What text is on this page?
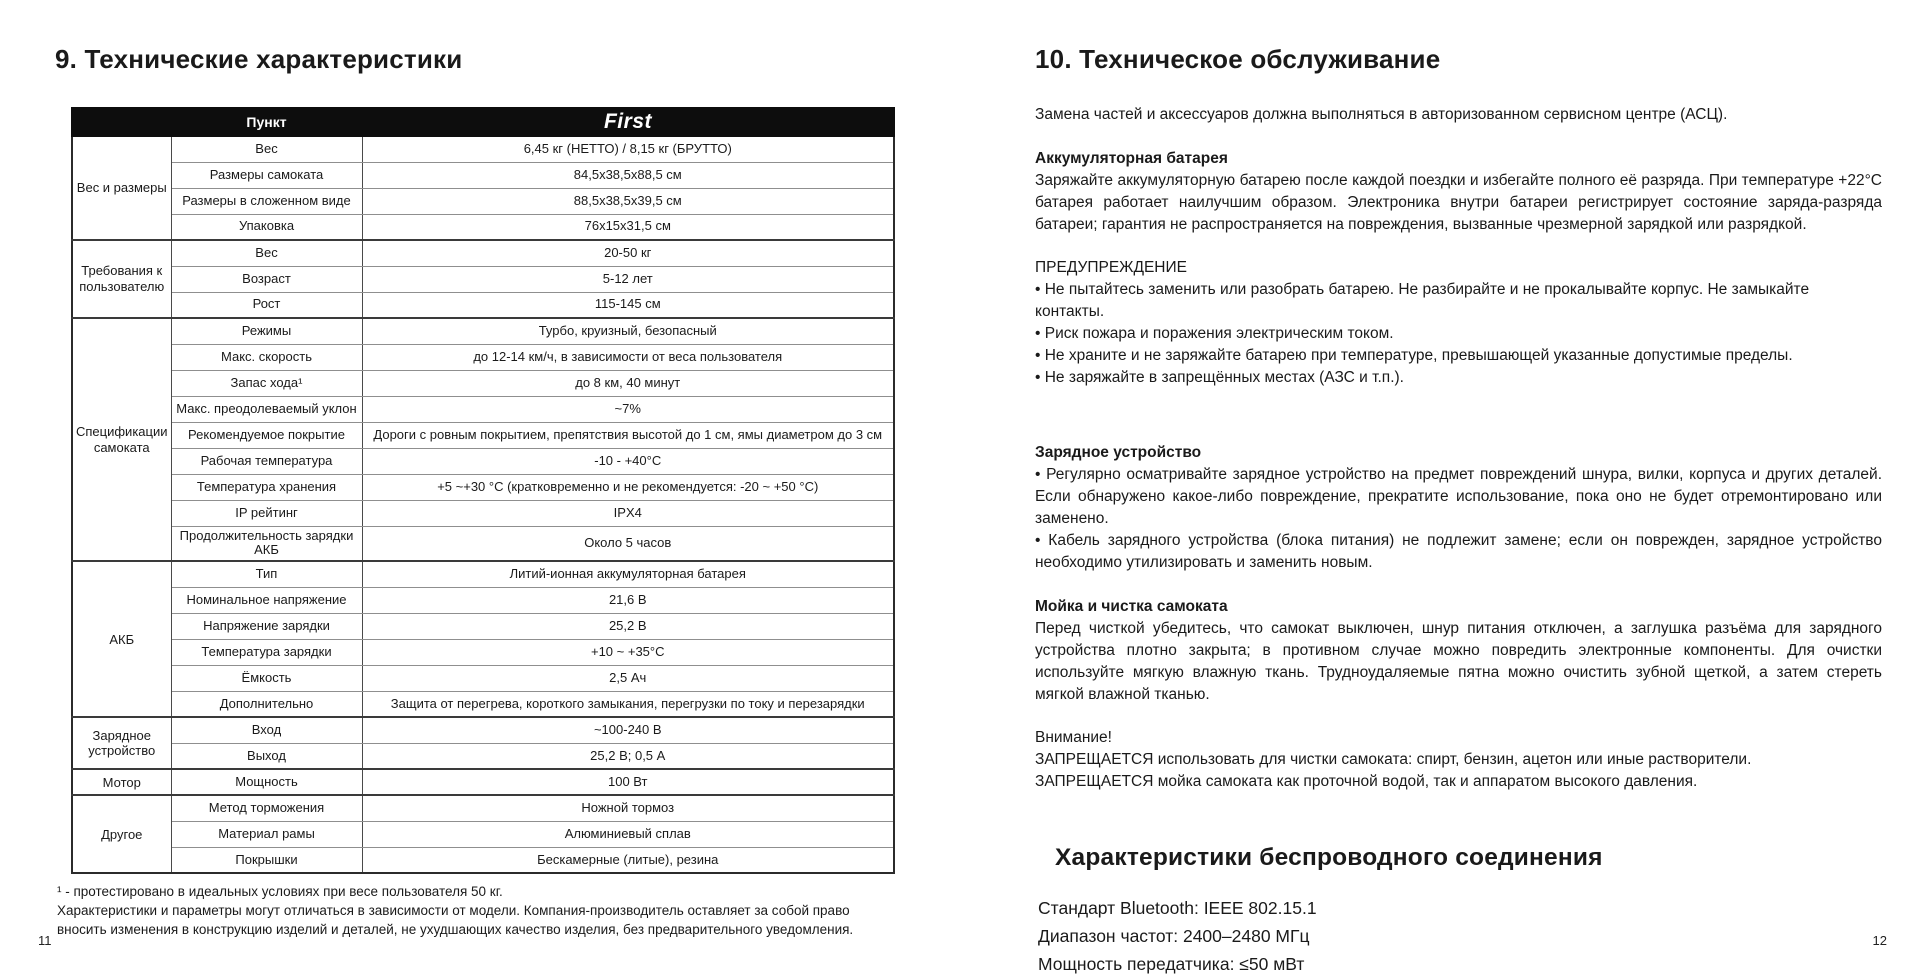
9. Технические характеристики
	Пункт	First
Вес и размеры	Вес	6,45 кг (НЕТТО) / 8,15 кг (БРУТТО)
	Размеры самоката	84,5x38,5x88,5 см
	Размеры в сложенном виде	88,5x38,5x39,5 см
	Упаковка	76x15x31,5 см
Требования к пользователю	Вес	20-50 кг
	Возраст	5-12 лет
	Рост	115-145 см
Спецификации самоката	Режимы	Турбо, круизный, безопасный
	Макс. скорость	до 12-14 км/ч, в зависимости от веса пользователя
	Запас хода¹	до 8 км, 40 минут
	Макс. преодолеваемый уклон	~7%
	Рекомендуемое покрытие	Дороги с ровным покрытием, препятствия высотой до 1 см, ямы диаметром до 3 см
	Рабочая температура	-10 - +40°C
	Температура хранения	+5 ~+30 °C (кратковременно и не рекомендуется: -20 ~ +50 °C)
	IP рейтинг	IPX4
	Продолжительность зарядки АКБ	Около 5 часов
АКБ	Тип	Литий-ионная аккумуляторная батарея
	Номинальное напряжение	21,6 В
	Напряжение зарядки	25,2 В
	Температура зарядки	+10 ~ +35°C
	Ёмкость	2,5 Ач
	Дополнительно	Защита от перегрева, короткого замыкания, перегрузки по току и перезарядки
Зарядное устройство	Вход	~100-240 В
	Выход	25,2 В; 0,5 А
Мотор	Мощность	100 Вт
Другое	Метод торможения	Ножной тормоз
	Материал рамы	Алюминиевый сплав
	Покрышки	Бескамерные (литые), резина
¹ - протестировано в идеальных условиях при весе пользователя 50 кг.
Характеристики и параметры могут отличаться в зависимости от модели. Компания-производитель оставляет за собой право вносить изменения в конструкцию изделий и деталей, не ухудшающих качество изделия, без предварительного уведомления.
11
10. Техническое обслуживание

Замена частей и аксессуаров должна выполняться в авторизованном сервисном центре (АСЦ).

Аккумуляторная батарея

Заряжайте аккумуляторную батарею после каждой поездки и избегайте полного её разряда. При температуре +22°C батарея работает наилучшим образом. Электроника внутри батареи регистрирует состояние заряда-разряда батареи; гарантия не распространяется на повреждения, вызванные чрезмерной зарядкой или разрядкой.

ПРЕДУПРЕЖДЕНИЕ

• Не пытайтесь заменить или разобрать батарею. Не разбирайте и не прокалывайте корпус. Не замыкайте контакты.

• Риск пожара и поражения электрическим током.

• Не храните и не заряжайте батарею при температуре, превышающей указанные допустимые пределы.

• Не заряжайте в запрещённых местах (АЗС и т.п.).

Зарядное устройство

• Регулярно осматривайте зарядное устройство на предмет повреждений шнура, вилки, корпуса и других деталей. Если обнаружено какое-либо повреждение, прекратите использование, пока оно не будет отремонтировано или заменено.

• Кабель зарядного устройства (блока питания) не подлежит замене; если он поврежден, зарядное устройство необходимо утилизировать и заменить новым.

Мойка и чистка самоката

Перед чисткой убедитесь, что самокат выключен, шнур питания отключен, а заглушка разъёма для зарядного устройства плотно закрыта; в противном случае можно повредить электронные компоненты. Для очистки используйте мягкую влажную ткань. Трудноудаляемые пятна можно очистить зубной щеткой, а затем стереть мягкой влажной тканью.

Внимание!

ЗАПРЕЩАЕТСЯ использовать для чистки самоката: спирт, бензин, ацетон или иные растворители.

ЗАПРЕЩАЕТСЯ мойка самоката как проточной водой, так и аппаратом высокого давления.

Характеристики беспроводного соединения

Стандарт Bluetooth: IEEE 802.15.1

Диапазон частот: 2400–2480 МГц

Мощность передатчика: ≤50 мВт

12
